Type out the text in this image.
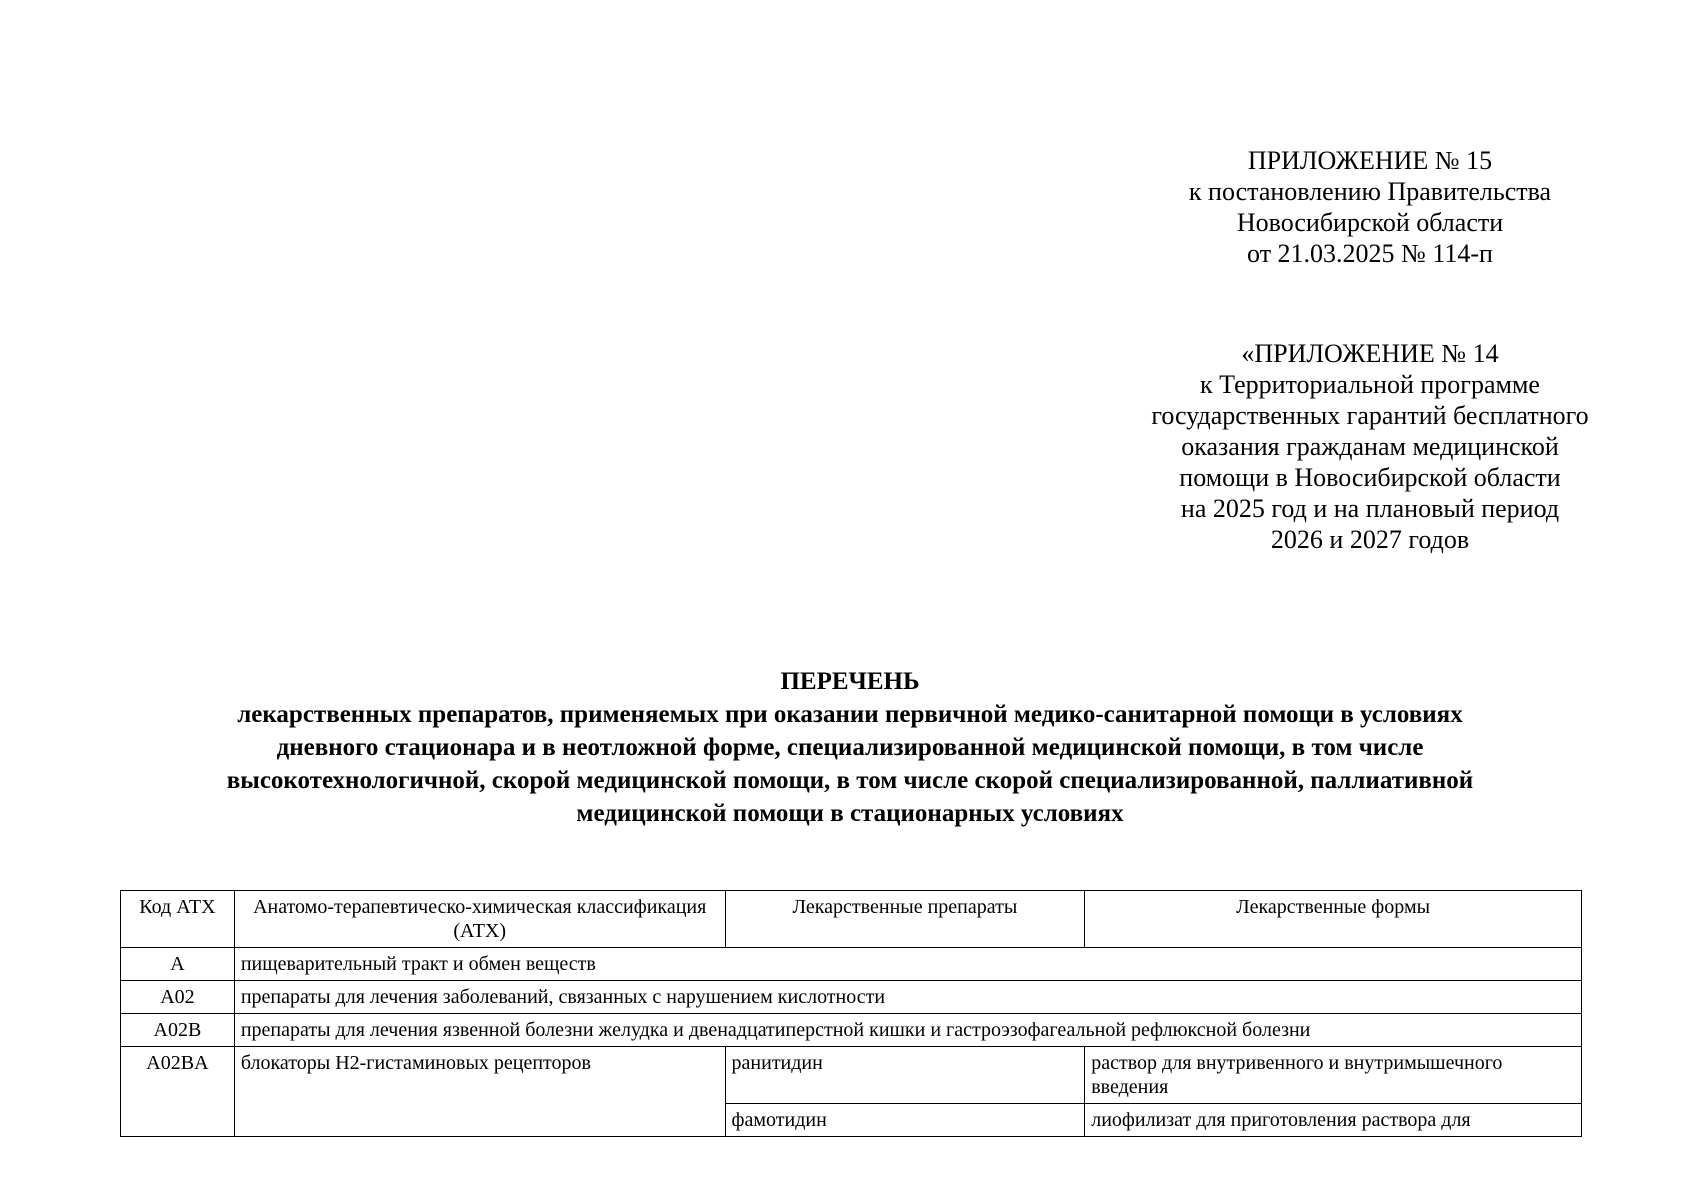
ПРИЛОЖЕНИЕ № 15
к постановлению Правительства
Новосибирской области
от 21.03.2025 № 114-п
«ПРИЛОЖЕНИЕ № 14
к Территориальной программе
государственных гарантий бесплатного
оказания гражданам медицинской
помощи в Новосибирской области
на 2025 год и на плановый период
2026 и 2027 годов
ПЕРЕЧЕНЬ
лекарственных препаратов, применяемых при оказании первичной медико-санитарной помощи в условиях
дневного стационара и в неотложной форме, специализированной медицинской помощи, в том числе
высокотехнологичной, скорой медицинской помощи, в том числе скорой специализированной, паллиативной
медицинской помощи в стационарных условиях
Код АТХ	Анатомо-терапевтическо-химическая классификация (АТХ)	Лекарственные препараты	Лекарственные формы
A	пищеварительный тракт и обмен веществ		
A02	препараты для лечения заболеваний, связанных с нарушением кислотности		
A02B	препараты для лечения язвенной болезни желудка и двенадцатиперстной кишки и гастроэзофагеальной рефлюксной болезни		
A02BA	блокаторы H2-гистаминовых рецепторов	ранитидин	раствор для внутривенного и внутримышечного введения
		фамотидин	лиофилизат для приготовления раствора для
